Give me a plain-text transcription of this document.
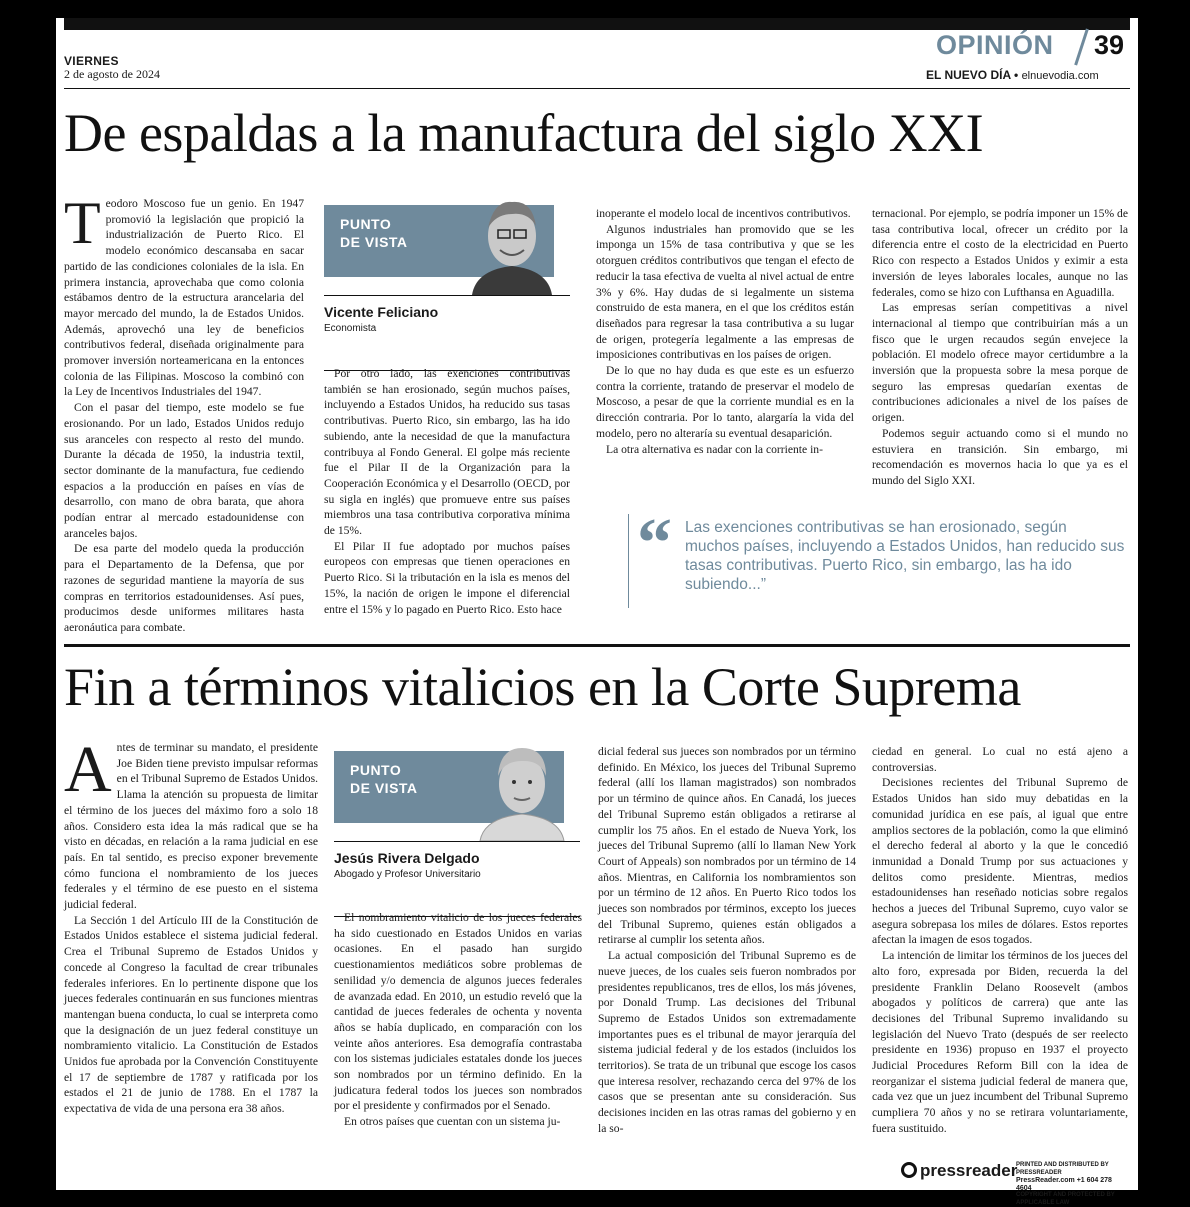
VIERNES
2 de agosto de 2024
OPINIÓN 39
EL NUEVO DÍA • elnuevodia.com
De espaldas a la manufactura del siglo XXI

Teodoro Moscoso fue un genio. En 1947 promovió la legislación que propició la industrialización de Puerto Rico. El modelo económico descansaba en sacar partido de las condiciones coloniales de la isla. En primera instancia, aprovechaba que como colonia estábamos dentro de la estructura arancelaria del mayor mercado del mundo, la de Estados Unidos. Además, aprovechó una ley de beneficios contributivos federal, diseñada originalmente para promover inversión norteamericana en la entonces colonia de las Filipinas. Moscoso la combinó con la Ley de Incentivos Industriales del 1947.

Con el pasar del tiempo, este modelo se fue erosionando. Por un lado, Estados Unidos redujo sus aranceles con respecto al resto del mundo. Durante la década de 1950, la industria textil, sector dominante de la manufactura, fue cediendo espacios a la producción en países en vías de desarrollo, con mano de obra barata, que ahora podían entrar al mercado estadounidense con aranceles bajos.

De esa parte del modelo queda la producción para el Departamento de la Defensa, que por razones de seguridad mantiene la mayoría de sus compras en territorios estadounidenses. Así pues, producimos desde uniformes militares hasta aeronáutica para combate.

PUNTO
DE VISTA
Vicente Feliciano
Economista

Por otro lado, las exenciones contributivas también se han erosionado, según muchos países, incluyendo a Estados Unidos, ha reducido sus tasas contributivas. Puerto Rico, sin embargo, las ha ido subiendo, ante la necesidad de que la manufactura contribuya al Fondo General. El golpe más reciente fue el Pilar II de la Organización para la Cooperación Económica y el Desarrollo (OECD, por su sigla en inglés) que promueve entre sus países miembros una tasa contributiva corporativa mínima de 15%.

El Pilar II fue adoptado por muchos países europeos con empresas que tienen operaciones en Puerto Rico. Si la tributación en la isla es menos del 15%, la nación de origen le impone el diferencial entre el 15% y lo pagado en Puerto Rico. Esto hace

inoperante el modelo local de incentivos contributivos.

Algunos industriales han promovido que se les imponga un 15% de tasa contributiva y que se les otorguen créditos contributivos que tengan el efecto de reducir la tasa efectiva de vuelta al nivel actual de entre 3% y 6%. Hay dudas de si legalmente un sistema construido de esta manera, en el que los créditos están diseñados para regresar la tasa contributiva a su lugar de origen, protegería legalmente a las empresas de imposiciones contributivas en los países de origen.

De lo que no hay duda es que este es un esfuerzo contra la corriente, tratando de preservar el modelo de Moscoso, a pesar de que la corriente mundial es en la dirección contraria. Por lo tanto, alargaría la vida del modelo, pero no alteraría su eventual desaparición.

La otra alternativa es nadar con la corriente in-

ternacional. Por ejemplo, se podría imponer un 15% de tasa contributiva local, ofrecer un crédito por la diferencia entre el costo de la electricidad en Puerto Rico con respecto a Estados Unidos y eximir a esta inversión de leyes laborales locales, aunque no las federales, como se hizo con Lufthansa en Aguadilla.

Las empresas serían competitivas a nivel internacional al tiempo que contribuirían más a un fisco que le urgen recaudos según envejece la población. El modelo ofrece mayor certidumbre a la inversión que la propuesta sobre la mesa porque de seguro las empresas quedarían exentas de contribuciones adicionales a nivel de los países de origen.

Podemos seguir actuando como si el mundo no estuviera en transición. Sin embargo, mi recomendación es movernos hacia lo que ya es el mundo del Siglo XXI.

“ Las exenciones contributivas se han erosionado, según muchos países, incluyendo a Estados Unidos, han reducido sus tasas contributivas. Puerto Rico, sin embargo, las ha ido subiendo...”
Fin a términos vitalicios en la Corte Suprema

Antes de terminar su mandato, el presidente Joe Biden tiene previsto impulsar reformas en el Tribunal Supremo de Estados Unidos. Llama la atención su propuesta de limitar el término de los jueces del máximo foro a solo 18 años. Considero esta idea la más radical que se ha visto en décadas, en relación a la rama judicial en ese país. En tal sentido, es preciso exponer brevemente cómo funciona el nombramiento de los jueces federales y el término de ese puesto en el sistema judicial federal.

La Sección 1 del Artículo III de la Constitución de Estados Unidos establece el sistema judicial federal. Crea el Tribunal Supremo de Estados Unidos y concede al Congreso la facultad de crear tribunales federales inferiores. En lo pertinente dispone que los jueces federales continuarán en sus funciones mientras mantengan buena conducta, lo cual se interpreta como que la designación de un juez federal constituye un nombramiento vitalicio. La Constitución de Estados Unidos fue aprobada por la Convención Constituyente el 17 de septiembre de 1787 y ratificada por los estados el 21 de junio de 1788. En el 1787 la expectativa de vida de una persona era 38 años.

PUNTO
DE VISTA
Jesús Rivera Delgado
Abogado y Profesor Universitario

El nombramiento vitalicio de los jueces federales ha sido cuestionado en Estados Unidos en varias ocasiones. En el pasado han surgido cuestionamientos mediáticos sobre problemas de senilidad y/o demencia de algunos jueces federales de avanzada edad. En 2010, un estudio reveló que la cantidad de jueces federales de ochenta y noventa años se había duplicado, en comparación con los veinte años anteriores. Esa demografía contrastaba con los sistemas judiciales estatales donde los jueces son nombrados por un término definido. En la judicatura federal todos los jueces son nombrados por el presidente y confirmados por el Senado.

En otros países que cuentan con un sistema ju-

dicial federal sus jueces son nombrados por un término definido. En México, los jueces del Tribunal Supremo federal (allí los llaman magistrados) son nombrados por un término de quince años. En Canadá, los jueces del Tribunal Supremo están obligados a retirarse al cumplir los 75 años. En el estado de Nueva York, los jueces del Tribunal Supremo (allí lo llaman New York Court of Appeals) son nombrados por un término de 14 años. Mientras, en California los nombramientos son por un término de 12 años. En Puerto Rico todos los jueces son nombrados por términos, excepto los jueces del Tribunal Supremo, quienes están obligados a retirarse al cumplir los setenta años.

La actual composición del Tribunal Supremo es de nueve jueces, de los cuales seis fueron nombrados por presidentes republicanos, tres de ellos, los más jóvenes, por Donald Trump. Las decisiones del Tribunal Supremo de Estados Unidos son extremadamente importantes pues es el tribunal de mayor jerarquía del sistema judicial federal y de los estados (incluidos los territorios). Se trata de un tribunal que escoge los casos que interesa resolver, rechazando cerca del 97% de los casos que se presentan ante su consideración. Sus decisiones inciden en las otras ramas del gobierno y en la so-

ciedad en general. Lo cual no está ajeno a controversias.

Decisiones recientes del Tribunal Supremo de Estados Unidos han sido muy debatidas en la comunidad jurídica en ese país, al igual que entre amplios sectores de la población, como la que eliminó el derecho federal al aborto y la que le concedió inmunidad a Donald Trump por sus actuaciones y delitos como presidente. Mientras, medios estadounidenses han reseñado noticias sobre regalos hechos a jueces del Tribunal Supremo, cuyo valor se asegura sobrepasa los miles de dólares. Estos reportes afectan la imagen de esos togados.

La intención de limitar los términos de los jueces del alto foro, expresada por Biden, recuerda la del presidente Franklin Delano Roosevelt (ambos abogados y políticos de carrera) que ante las decisiones del Tribunal Supremo invalidando su legislación del Nuevo Trato (después de ser reelecto presidente en 1936) propuso en 1937 el proyecto Judicial Procedures Reform Bill con la idea de reorganizar el sistema judicial federal de manera que, cada vez que un juez incumbent del Tribunal Supremo cumpliera 70 años y no se retirara voluntariamente, fuera sustituido.

pressreader
PRINTED AND DISTRIBUTED BY PRESSREADER
PressReader.com +1 604 278 4604
COPYRIGHT AND PROTECTED BY APPLICABLE LAW
